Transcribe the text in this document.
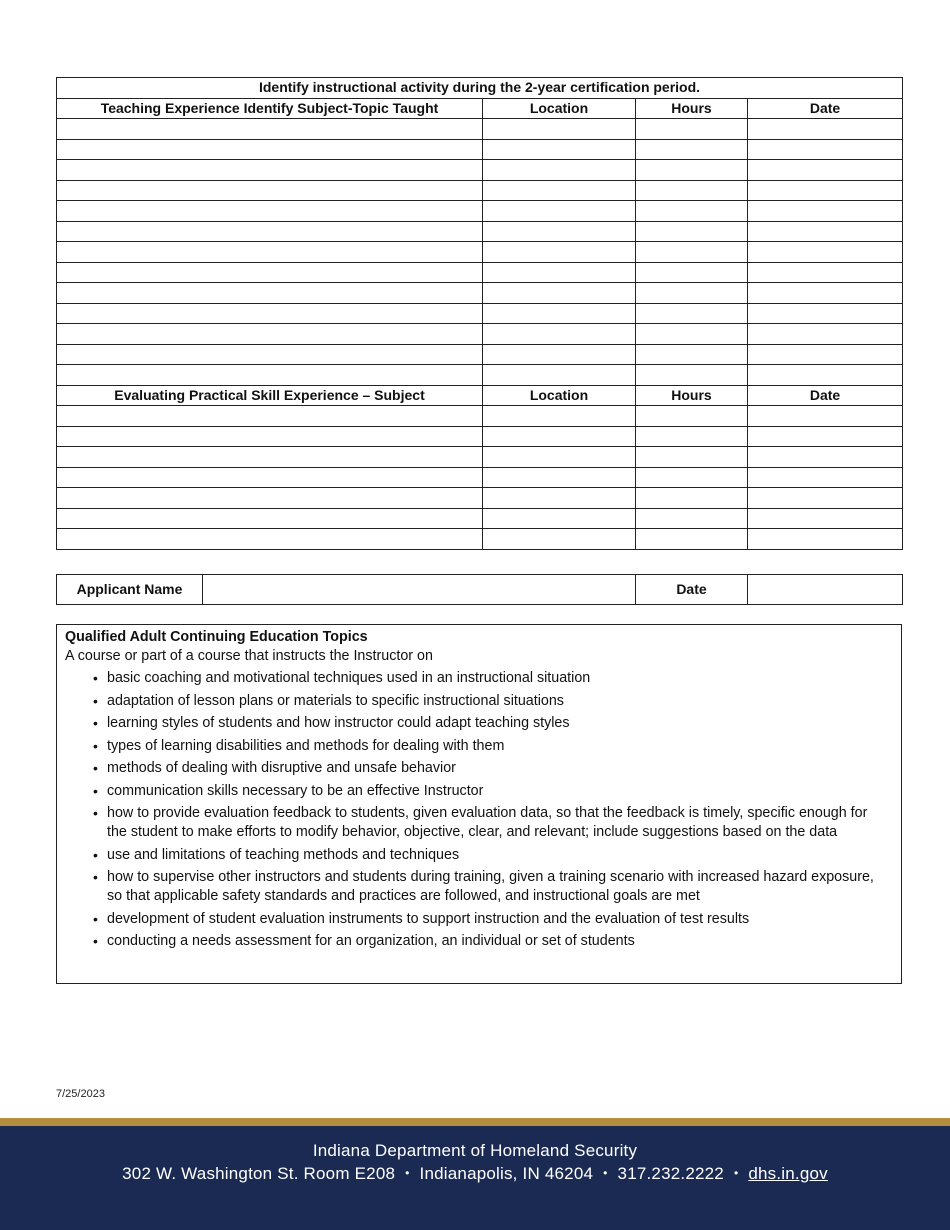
Identify instructional activity during the 2-year certification period.			
Teaching Experience Identify Subject-Topic Taught	Location	Hours	Date

Evaluating Practical Skill Experience – Subject	Location	Hours	Date

Applicant Name		Date	
Qualified Adult Continuing Education Topics
A course or part of a course that instructs the Instructor on
• basic coaching and motivational techniques used in an instructional situation
• adaptation of lesson plans or materials to specific instructional situations
• learning styles of students and how instructor could adapt teaching styles
• types of learning disabilities and methods for dealing with them
• methods of dealing with disruptive and unsafe behavior
• communication skills necessary to be an effective Instructor
• how to provide evaluation feedback to students, given evaluation data, so that the feedback is timely, specific enough for the student to make efforts to modify behavior, objective, clear, and relevant; include suggestions based on the data
• use and limitations of teaching methods and techniques
• how to supervise other instructors and students during training, given a training scenario with increased hazard exposure, so that applicable safety standards and practices are followed, and instructional goals are met
• development of student evaluation instruments to support instruction and the evaluation of test results
• conducting a needs assessment for an organization, an individual or set of students
7/25/2023
Indiana Department of Homeland Security
302 W. Washington St. Room E208 • Indianapolis, IN 46204 • 317.232.2222 • dhs.in.gov
